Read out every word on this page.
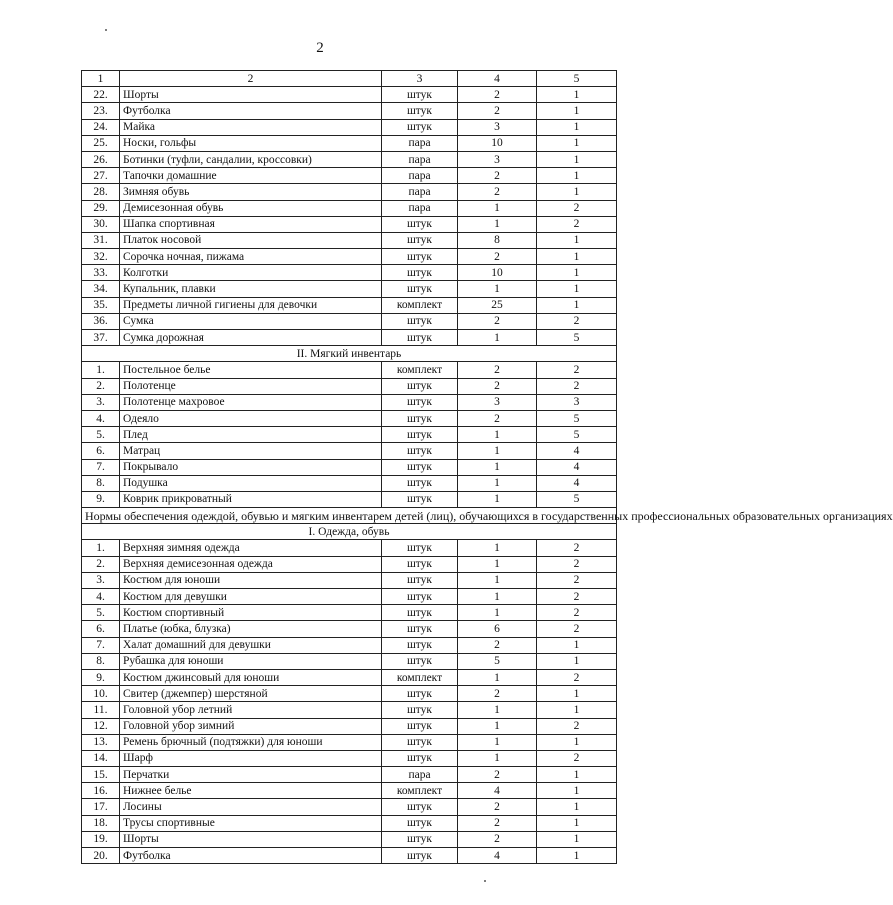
2
1	2	3	4	5
22.	Шорты	штук	2	1
23.	Футболка	штук	2	1
24.	Майка	штук	3	1
25.	Носки, гольфы	пара	10	1
26.	Ботинки (туфли, сандалии, кроссовки)	пара	3	1
27.	Тапочки домашние	пара	2	1
28.	Зимняя обувь	пара	2	1
29.	Демисезонная обувь	пара	1	2
30.	Шапка спортивная	штук	1	2
31.	Платок носовой	штук	8	1
32.	Сорочка ночная, пижама	штук	2	1
33.	Колготки	штук	10	1
34.	Купальник, плавки	штук	1	1
35.	Предметы личной гигиены для девочки	комплект	25	1
36.	Сумка	штук	2	2
37.	Сумка дорожная	штук	1	5
II. Мягкий инвентарь				
1.	Постельное белье	комплект	2	2
2.	Полотенце	штук	2	2
3.	Полотенце махровое	штук	3	3
4.	Одеяло	штук	2	5
5.	Плед	штук	1	5
6.	Матрац	штук	1	4
7.	Покрывало	штук	1	4
8.	Подушка	штук	1	4
9.	Коврик прикроватный	штук	1	5
Нормы обеспечения одеждой, обувью и мягким инвентарем детей (лиц), обучающихся в государственных профессиональных образовательных организациях				
I. Одежда, обувь				
1.	Верхняя зимняя одежда	штук	1	2
2.	Верхняя демисезонная одежда	штук	1	2
3.	Костюм для юноши	штук	1	2
4.	Костюм для девушки	штук	1	2
5.	Костюм спортивный	штук	1	2
6.	Платье (юбка, блузка)	штук	6	2
7.	Халат домашний для девушки	штук	2	1
8.	Рубашка для юноши	штук	5	1
9.	Костюм джинсовый для юноши	комплект	1	2
10.	Свитер (джемпер) шерстяной	штук	2	1
11.	Головной убор летний	штук	1	1
12.	Головной убор зимний	штук	1	2
13.	Ремень брючный (подтяжки) для юноши	штук	1	1
14.	Шарф	штук	1	2
15.	Перчатки	пара	2	1
16.	Нижнее белье	комплект	4	1
17.	Лосины	штук	2	1
18.	Трусы спортивные	штук	2	1
19.	Шорты	штук	2	1
20.	Футболка	штук	4	1
